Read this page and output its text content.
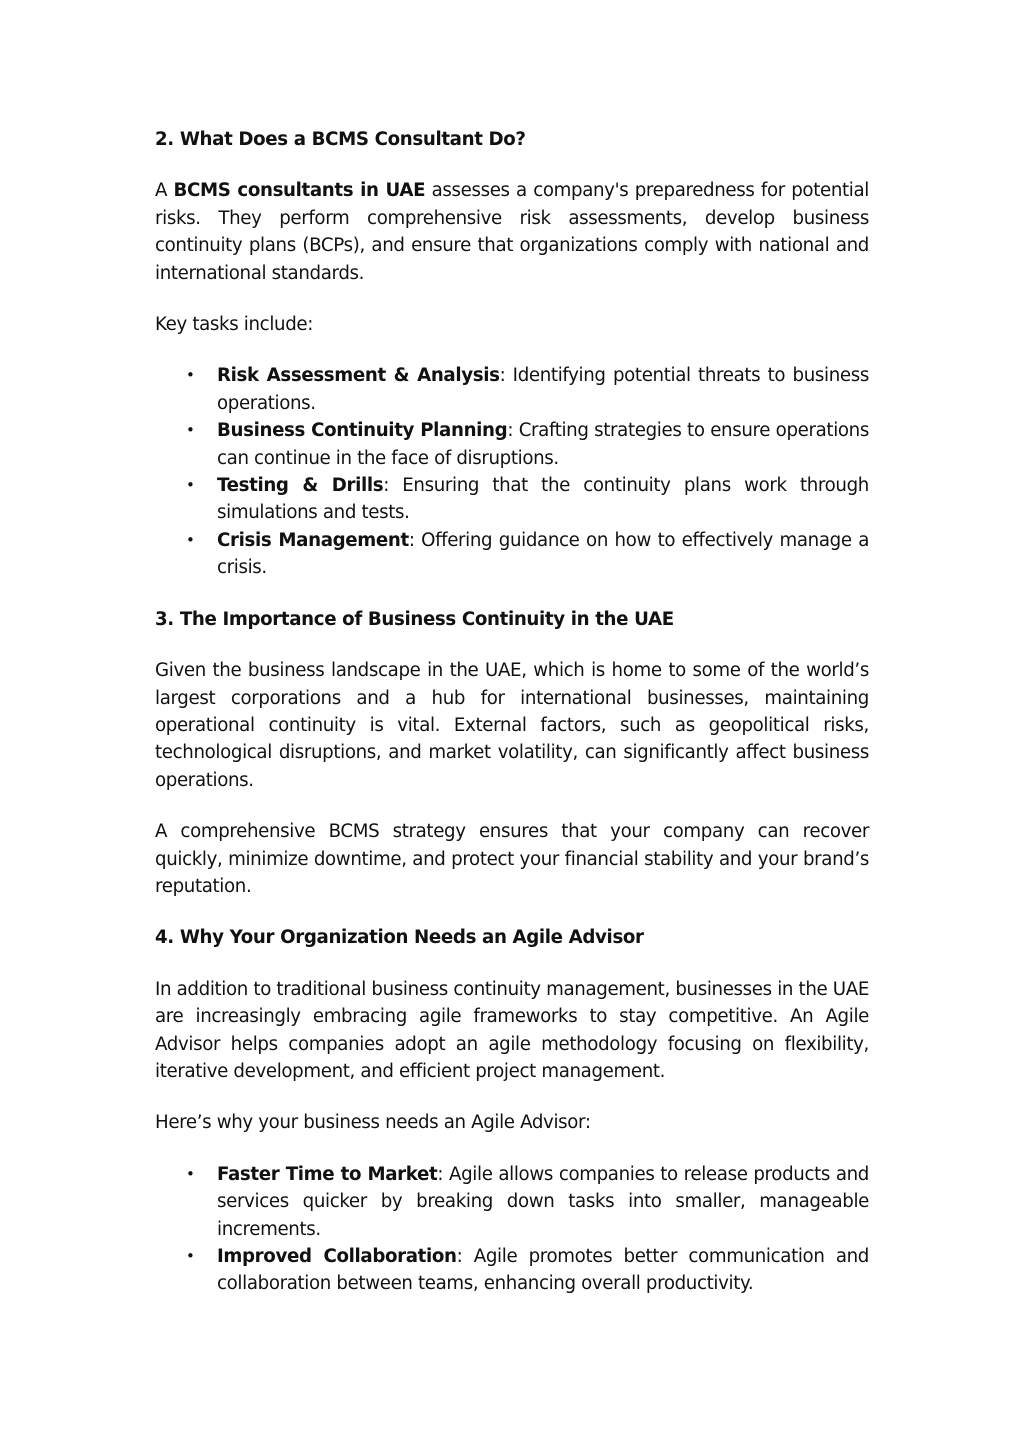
2. What Does a BCMS Consultant Do?

A BCMS consultants in UAE assesses a company's preparedness for potential risks. They perform comprehensive risk assessments, develop business continuity plans (BCPs), and ensure that organizations comply with national and international standards.

Key tasks include:

• Risk Assessment & Analysis: Identifying potential threats to business operations.
• Business Continuity Planning: Crafting strategies to ensure operations can continue in the face of disruptions.
• Testing & Drills: Ensuring that the continuity plans work through simulations and tests.
• Crisis Management: Offering guidance on how to effectively manage a crisis.
3. The Importance of Business Continuity in the UAE

Given the business landscape in the UAE, which is home to some of the world’s largest corporations and a hub for international businesses, maintaining operational continuity is vital. External factors, such as geopolitical risks, technological disruptions, and market volatility, can significantly affect business operations.

A comprehensive BCMS strategy ensures that your company can recover quickly, minimize downtime, and protect your financial stability and your brand’s reputation.

4. Why Your Organization Needs an Agile Advisor

In addition to traditional business continuity management, businesses in the UAE are increasingly embracing agile frameworks to stay competitive. An Agile Advisor helps companies adopt an agile methodology focusing on flexibility, iterative development, and efficient project management.

Here’s why your business needs an Agile Advisor:

• Faster Time to Market: Agile allows companies to release products and services quicker by breaking down tasks into smaller, manageable increments.
• Improved Collaboration: Agile promotes better communication and collaboration between teams, enhancing overall productivity.
